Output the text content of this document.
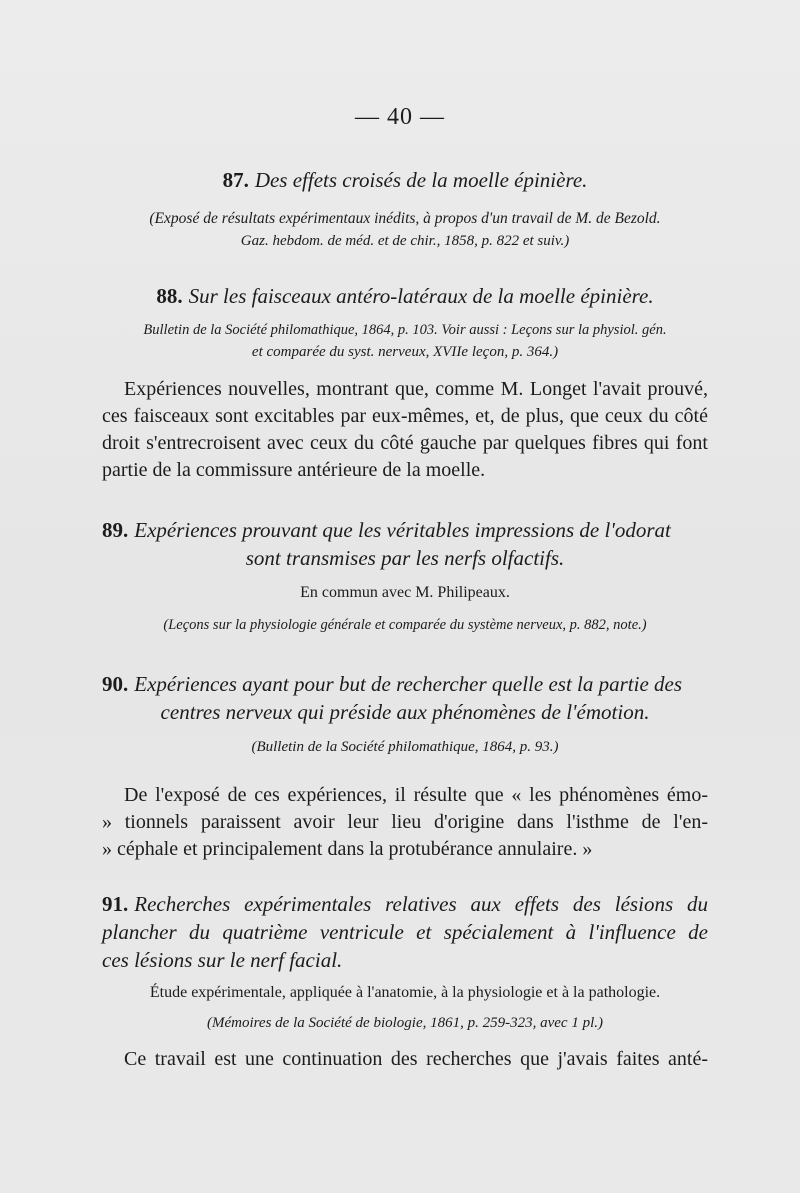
— 40 —
87. Des effets croisés de la moelle épinière.
(Exposé de résultats expérimentaux inédits, à propos d'un travail de M. de Bezold.
Gaz. hebdom. de méd. et de chir., 1858, p. 822 et suiv.)
88. Sur les faisceaux antéro-latéraux de la moelle épinière.
Bulletin de la Société philomathique, 1864, p. 103. Voir aussi : Leçons sur la physiol. gén.
et comparée du syst. nerveux, XVIIe leçon, p. 364.)
Expériences nouvelles, montrant que, comme M. Longet l'avait prouvé, ces faisceaux sont excitables par eux-mêmes, et, de plus, que ceux du côté droit s'entrecroisent avec ceux du côté gauche par quelques fibres qui font partie de la commissure antérieure de la moelle.
89. Expériences prouvant que les véritables impressions de l'odorat
sont transmises par les nerfs olfactifs.
En commun avec M. Philipeaux.
(Leçons sur la physiologie générale et comparée du système nerveux, p. 882, note.)
90. Expériences ayant pour but de rechercher quelle est la partie des
centres nerveux qui préside aux phénomènes de l'émotion.
(Bulletin de la Société philomathique, 1864, p. 93.)
De l'exposé de ces expériences, il résulte que « les phénomènes émo-
» tionnels paraissent avoir leur lieu d'origine dans l'isthme de l'en-
» céphale et principalement dans la protubérance annulaire. »
91. Recherches expérimentales relatives aux effets des lésions du
plancher du quatrième ventricule et spécialement à l'influence de
ces lésions sur le nerf facial.
Étude expérimentale, appliquée à l'anatomie, à la physiologie et à la pathologie.
(Mémoires de la Société de biologie, 1861, p. 259-323, avec 1 pl.)
Ce travail est une continuation des recherches que j'avais faites anté-
